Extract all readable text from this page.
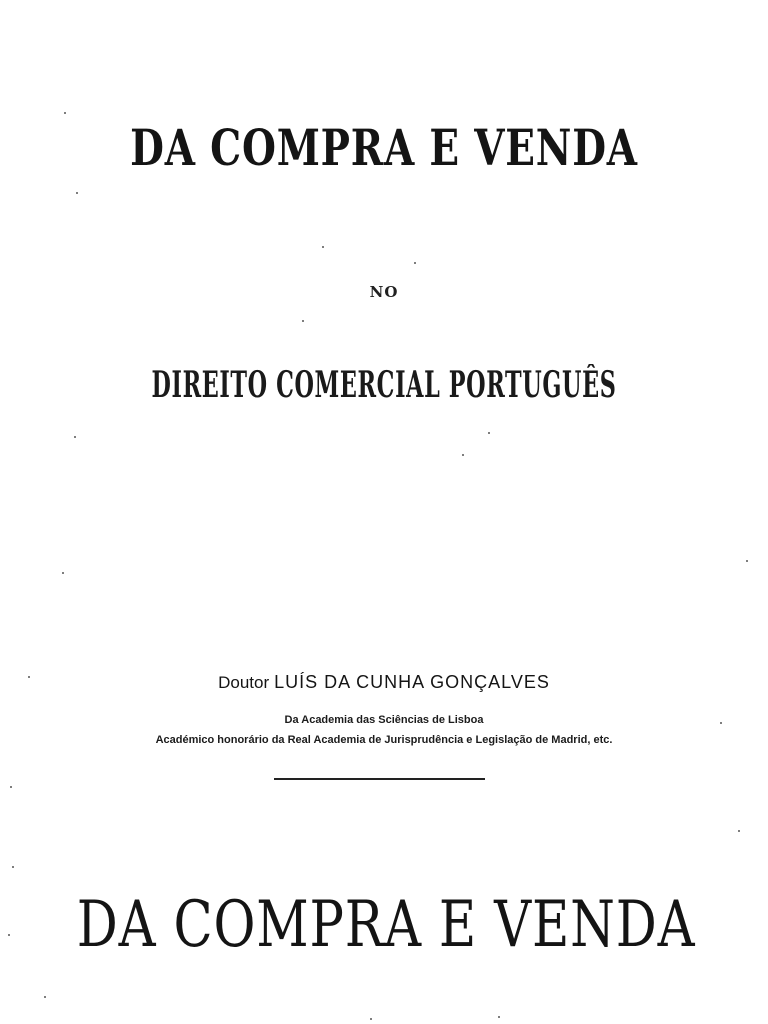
DA COMPRA E VENDA
NO
DIREITO COMERCIAL PORTUGUÊS
Doutor LUÍS DA CUNHA GONÇALVES
Da Academia das Sciências de Lisboa
Académico honorário da Real Academia de Jurisprudência e Legislação de Madrid, etc.
DA COMPRA E VENDA
